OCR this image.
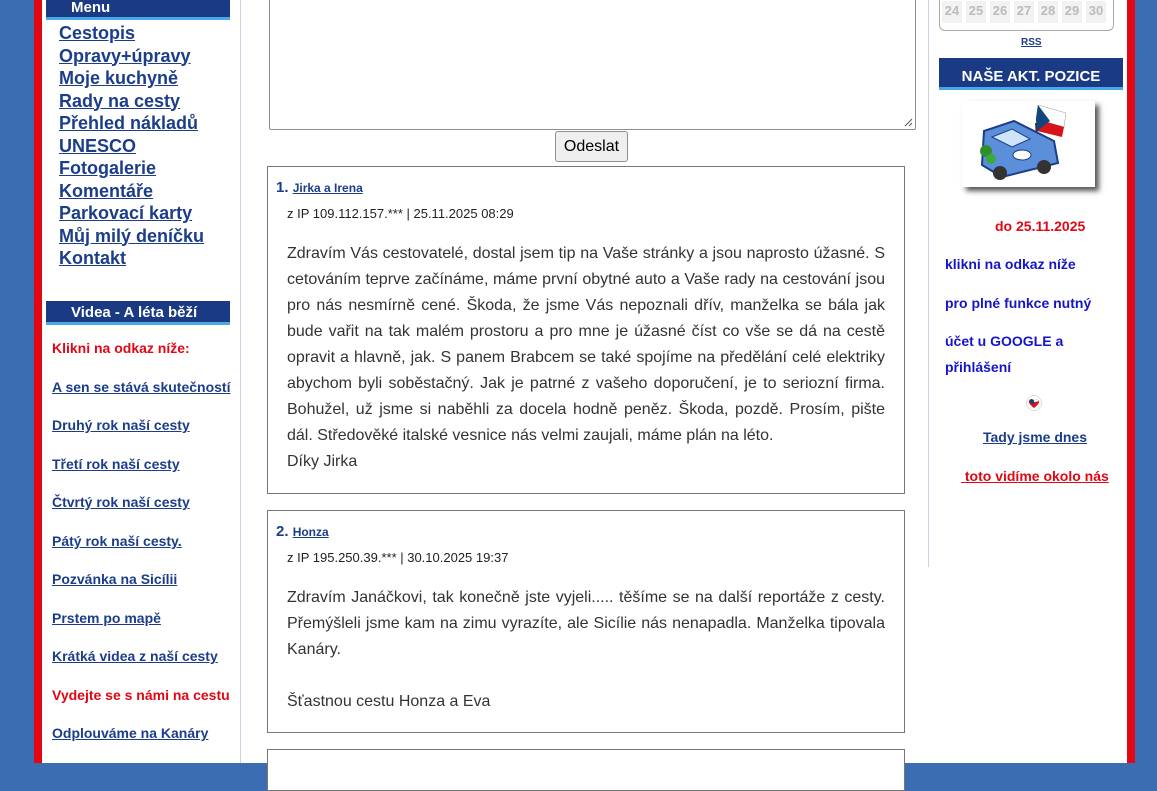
Menu
Cestopis
Opravy+úpravy
Moje kuchyně
Rady na cesty
Přehled nákladů
UNESCO
Fotogalerie
Komentáře
Parkovací karty
Můj milý deníčku
Kontakt
Videa - A léta běží
Klikni na odkaz níže:
A sen se stává skutečností
Druhý rok naší cesty
Třetí rok naší cesty
Čtvrtý rok naší cesty
Pátý rok naší cesty.
Pozvánka na Sicílii
Prstem po mapě
Krátká videa z naší cesty
Vydejte se s námi na cestu
Odplouváme na Kanáry
Odeslat
1. Jirka a Irena
z IP 109.112.157.*** | 25.11.2025 08:29

Zdravím Vás cestovatelé, dostal jsem tip na Vaše stránky a jsou naprosto úžasné. S cetováním teprve začínáme, máme první obytné auto a Vaše rady na cestování jsou pro nás nesmírně cené. Škoda, že jsme Vás nepoznali dřív, manželka se bála jak bude vařit na tak malém prostoru a pro mne je úžasné číst co vše se dá na cestě opravit a hlavně, jak. S panem Brabcem se také spojíme na předělání celé elektriky abychom byli soběstačný. Jak je patrné z vašeho doporučení, je to seriozní firma. Bohužel, už jsme si naběhli za docela hodně peněz. Škoda, pozdě. Prosím, pište dál. Středověké italské vesnice nás velmi zaujali, máme plán na léto.

Díky Jirka

2. Honza
z IP 195.250.39.*** | 30.10.2025 19:37

Zdravím Janáčkovi, tak konečně jste vyjeli..... těšíme se na další reportáže z cesty. Přemýšleli jsme kam na zimu vyrazíte, ale Sicílie nás nenapadla. Manželka tipovala Kanáry.

Šťastnou cestu Honza a Eva

24 25 26 27 28 29 30
RSS
NAŠE AKT. POZICE
do 25.11.2025
klikni na odkaz níže
pro plné funkce nutný
účet u GOOGLE a
přihlášení
Tady jsme dnes
toto vidíme okolo nás
